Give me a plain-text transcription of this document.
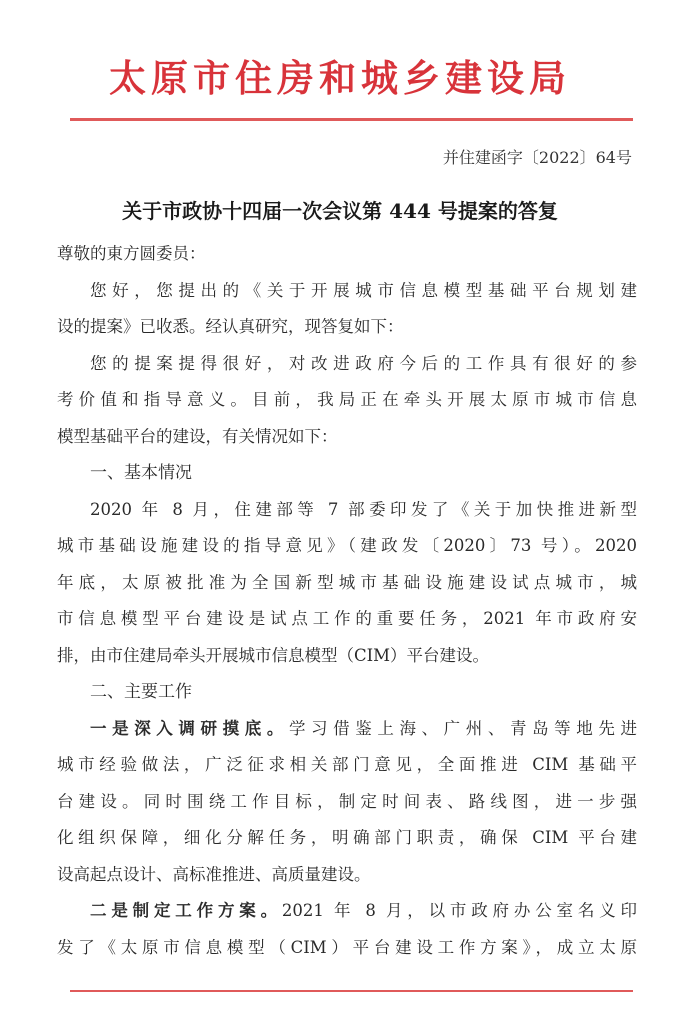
太原市住房和城乡建设局
并住建函字〔2022〕64号
关于市政协十四届一次会议第 444 号提案的答复
尊敬的東方圆委员：
您好，您提出的《关于开展城市信息模型基础平台规划建
设的提案》已收悉。经认真研究，现答复如下：
您的提案提得很好，对改进政府今后的工作具有很好的参
考价值和指导意义。目前，我局正在牵头开展太原市城市信息
模型基础平台的建设，有关情况如下：
一、基本情况
2020 年 8 月，住建部等 7 部委印发了《关于加快推进新型
城市基础设施建设的指导意见》（建政发〔2020〕73 号）。2020
年底，太原被批准为全国新型城市基础设施建设试点城市，城
市信息模型平台建设是试点工作的重要任务，2021 年市政府安
排，由市住建局牵头开展城市信息模型（CIM）平台建设。
二、主要工作
一是深入调研摸底。学习借鉴上海、广州、青岛等地先进
城市经验做法，广泛征求相关部门意见，全面推进 CIM 基础平
台建设。同时围绕工作目标，制定时间表、路线图，进一步强
化组织保障，细化分解任务，明确部门职责，确保 CIM 平台建
设高起点设计、高标准推进、高质量建设。
二是制定工作方案。2021 年 8 月，以市政府办公室名义印
发了《太原市信息模型（CIM）平台建设工作方案》，成立太原
